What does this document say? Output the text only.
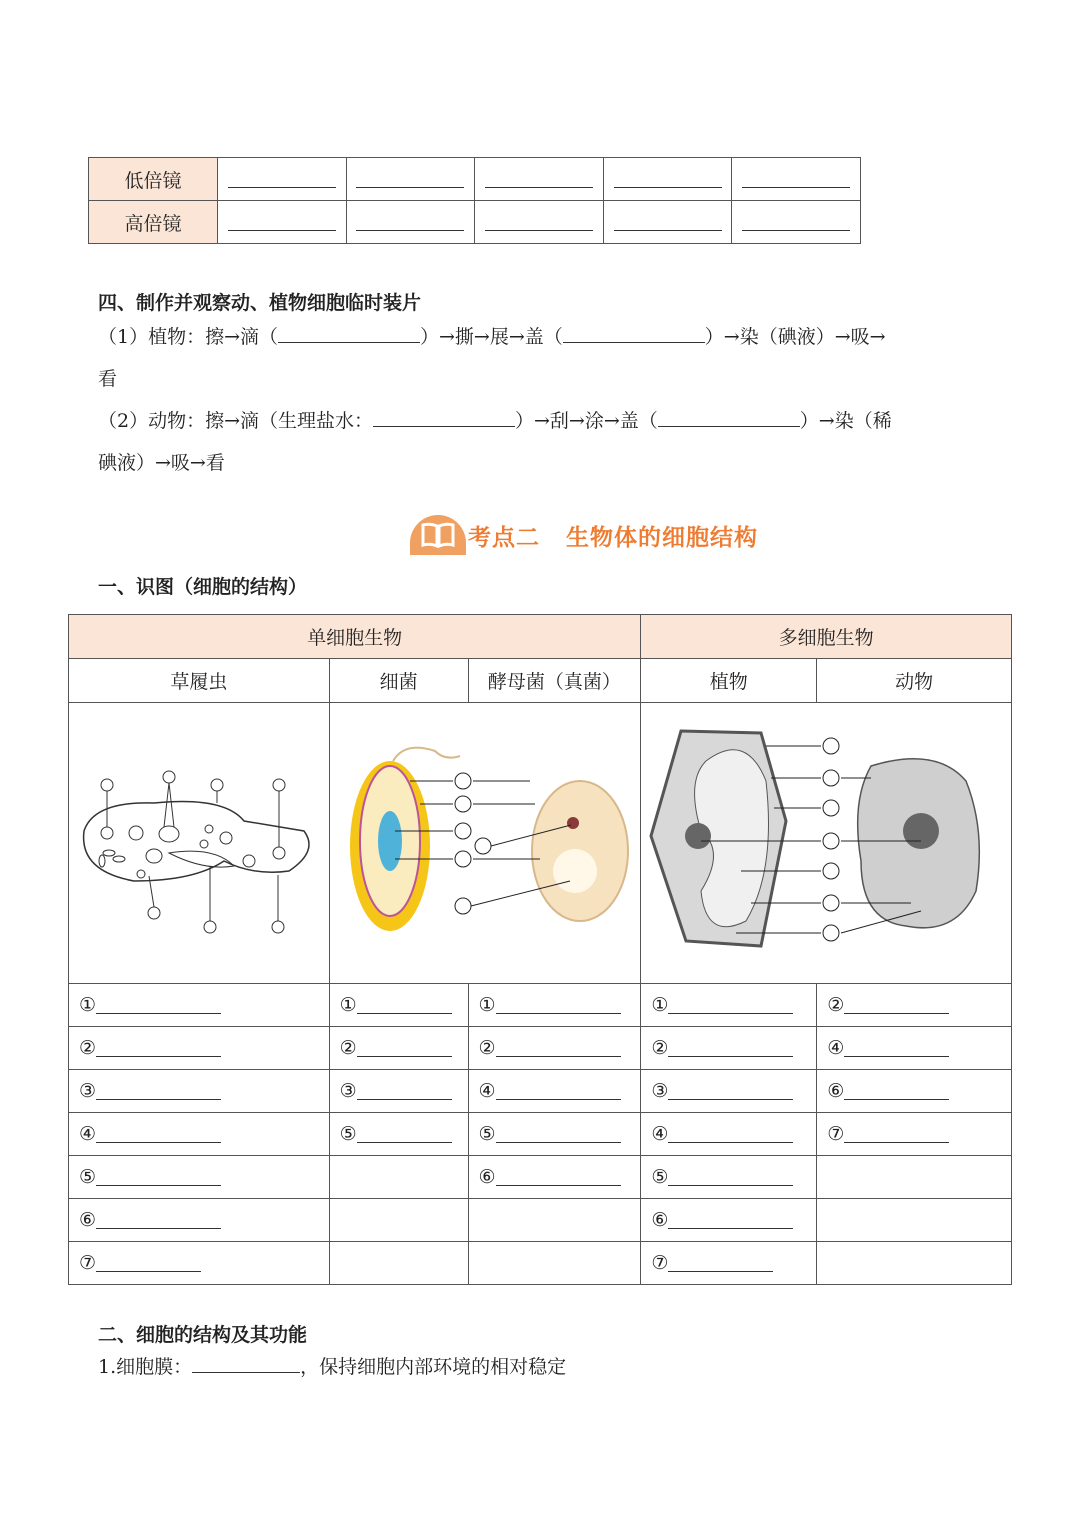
低倍镜					
高倍镜					
四、制作并观察动、植物细胞临时装片
（1）植物：擦→滴（	）→撕→展→盖（	）→染（碘液）→吸→
看
（2）动物：擦→滴（生理盐水：	）→刮→涂→盖（	）→染（稀
碘液）→吸→看
考点二 生物体的细胞结构
一、识图（细胞的结构）
单细胞生物			多细胞生物	
草履虫	细菌	酵母菌（真菌）	植物	动物

①	①	①	①	②
②	②	②	②	④
③	③	④	③	⑥
④	⑤	⑤	④	⑦
⑤		⑥	⑤	
⑥			⑥	
⑦			⑦	
二、细胞的结构及其功能
1.细胞膜：	，保持细胞内部环境的相对稳定
